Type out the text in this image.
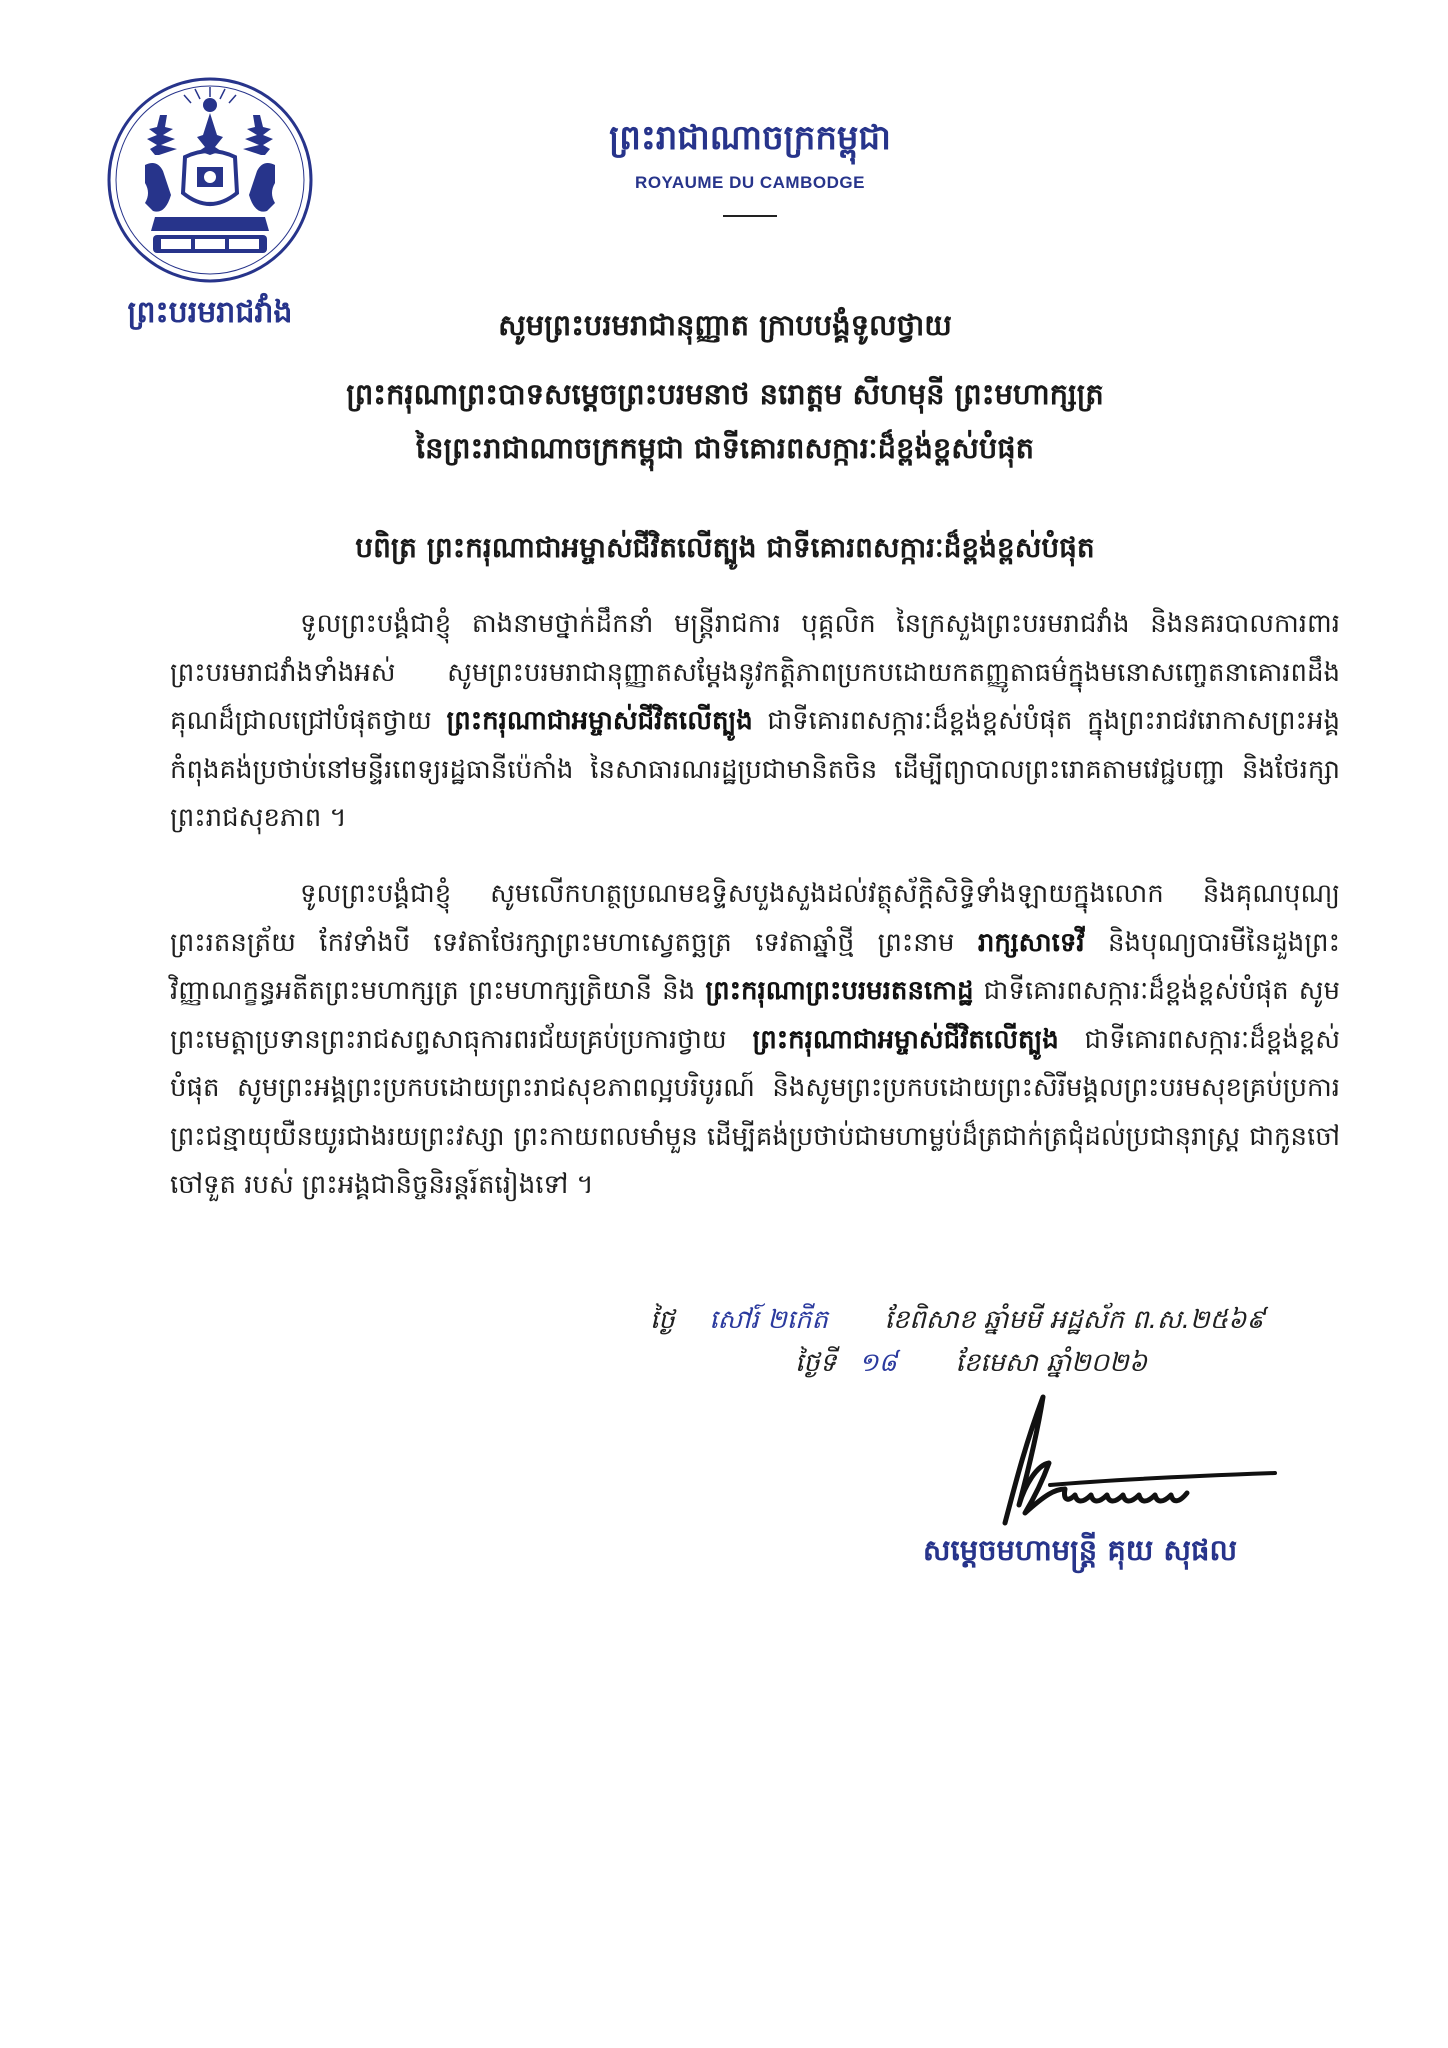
ព្រះបរមរាជវាំង
ព្រះរាជាណាចក្រកម្ពុជា
ROYAUME DU CAMBODGE
សូមព្រះបរមរាជានុញ្ញាត ក្រាបបង្គំទូលថ្វាយ
ព្រះករុណាព្រះបាទសម្តេចព្រះបរមនាថ នរោត្តម សីហមុនី ព្រះមហាក្សត្រ
នៃព្រះរាជាណាចក្រកម្ពុជា ជាទីគោរពសក្ការៈដ៏ខ្ពង់ខ្ពស់បំផុត
បពិត្រ ព្រះករុណាជាអម្ចាស់ជីវិតលើត្បូង ជាទីគោរពសក្ការៈដ៏ខ្ពង់ខ្ពស់បំផុត
ទូលព្រះបង្គំជាខ្ញុំ តាងនាមថ្នាក់ដឹកនាំ មន្ត្រីរាជការ បុគ្គលិក នៃក្រសួងព្រះបរមរាជវាំង និងនគរបាលការពារព្រះបរមរាជវាំងទាំងអស់ សូមព្រះបរមរាជានុញ្ញាតសម្តែងនូវកតិ្តភាពប្រកបដោយកតញ្ញូតាធម៌ក្នុងមនោសញ្ចេតនាគោរពដឹងគុណដ៏ជ្រាលជ្រៅបំផុតថ្វាយ ព្រះករុណាជាអម្ចាស់ជីវិតលើត្បូង ជាទីគោរពសក្ការៈដ៏ខ្ពង់ខ្ពស់បំផុត ក្នុងព្រះរាជវរោកាសព្រះអង្គកំពុងគង់ប្រថាប់នៅមន្ទីរពេទ្យរដ្ឋធានីប៉េកាំង នៃសាធារណរដ្ឋប្រជាមានិតចិន ដើម្បីព្យាបាលព្រះរោគតាមវេជ្ជបញ្ជា និងថែរក្សាព្រះរាជសុខភាព ។
ទូលព្រះបង្គំជាខ្ញុំ សូមលើកហត្ថប្រណមឧទ្ទិសបួងសួងដល់វត្ថុស័ក្តិសិទ្ធិទាំងឡាយក្នុងលោក និងគុណបុណ្យព្រះរតនត្រ័យ កែវទាំងបី ទេវតាថែរក្សាព្រះមហាស្វេតច្ឆត្រ ទេវតាឆ្នាំថ្មី ព្រះនាម រាក្សសាទេវី និងបុណ្យបារមីនៃដួងព្រះវិញ្ញាណក្ខន្ធអតីតព្រះមហាក្សត្រ ព្រះមហាក្សត្រិយានី និង ព្រះករុណាព្រះបរមរតនកោដ្ឋ ជាទីគោរពសក្ការៈដ៏ខ្ពង់ខ្ពស់បំផុត សូមព្រះមេត្តាប្រទានព្រះរាជសព្ទសាធុការពរជ័យគ្រប់ប្រការថ្វាយ ព្រះករុណាជាអម្ចាស់ជីវិតលើត្បូង ជាទីគោរពសក្ការៈដ៏ខ្ពង់ខ្ពស់បំផុត សូមព្រះអង្គព្រះប្រកបដោយព្រះរាជសុខភាពល្អបរិបូរណ៍ និងសូមព្រះប្រកបដោយព្រះសិរីមង្គលព្រះបរមសុខគ្រប់ប្រការ ព្រះជន្មាយុយឺនយូរជាងរយព្រះវស្សា ព្រះកាយពលមាំមួន ដើម្បីគង់ប្រថាប់ជាមហាម្លប់ដ៏ត្រជាក់ត្រជុំដល់ប្រជានុរាស្ត្រ ជាកូនចៅ ចៅទួត របស់ ព្រះអង្គជានិច្ចនិរន្តរ៍តរៀងទៅ ។
ថ្ងៃ សៅរ៍ ២កើត ខែពិសាខ ឆ្នាំមមី អដ្ឋស័ក ព.ស.២៥៦៩
ថ្ងៃទី ១៨ ខែមេសា ឆ្នាំ២០២៦
សម្តេចមហាមន្ត្រី គុយ សុផល
